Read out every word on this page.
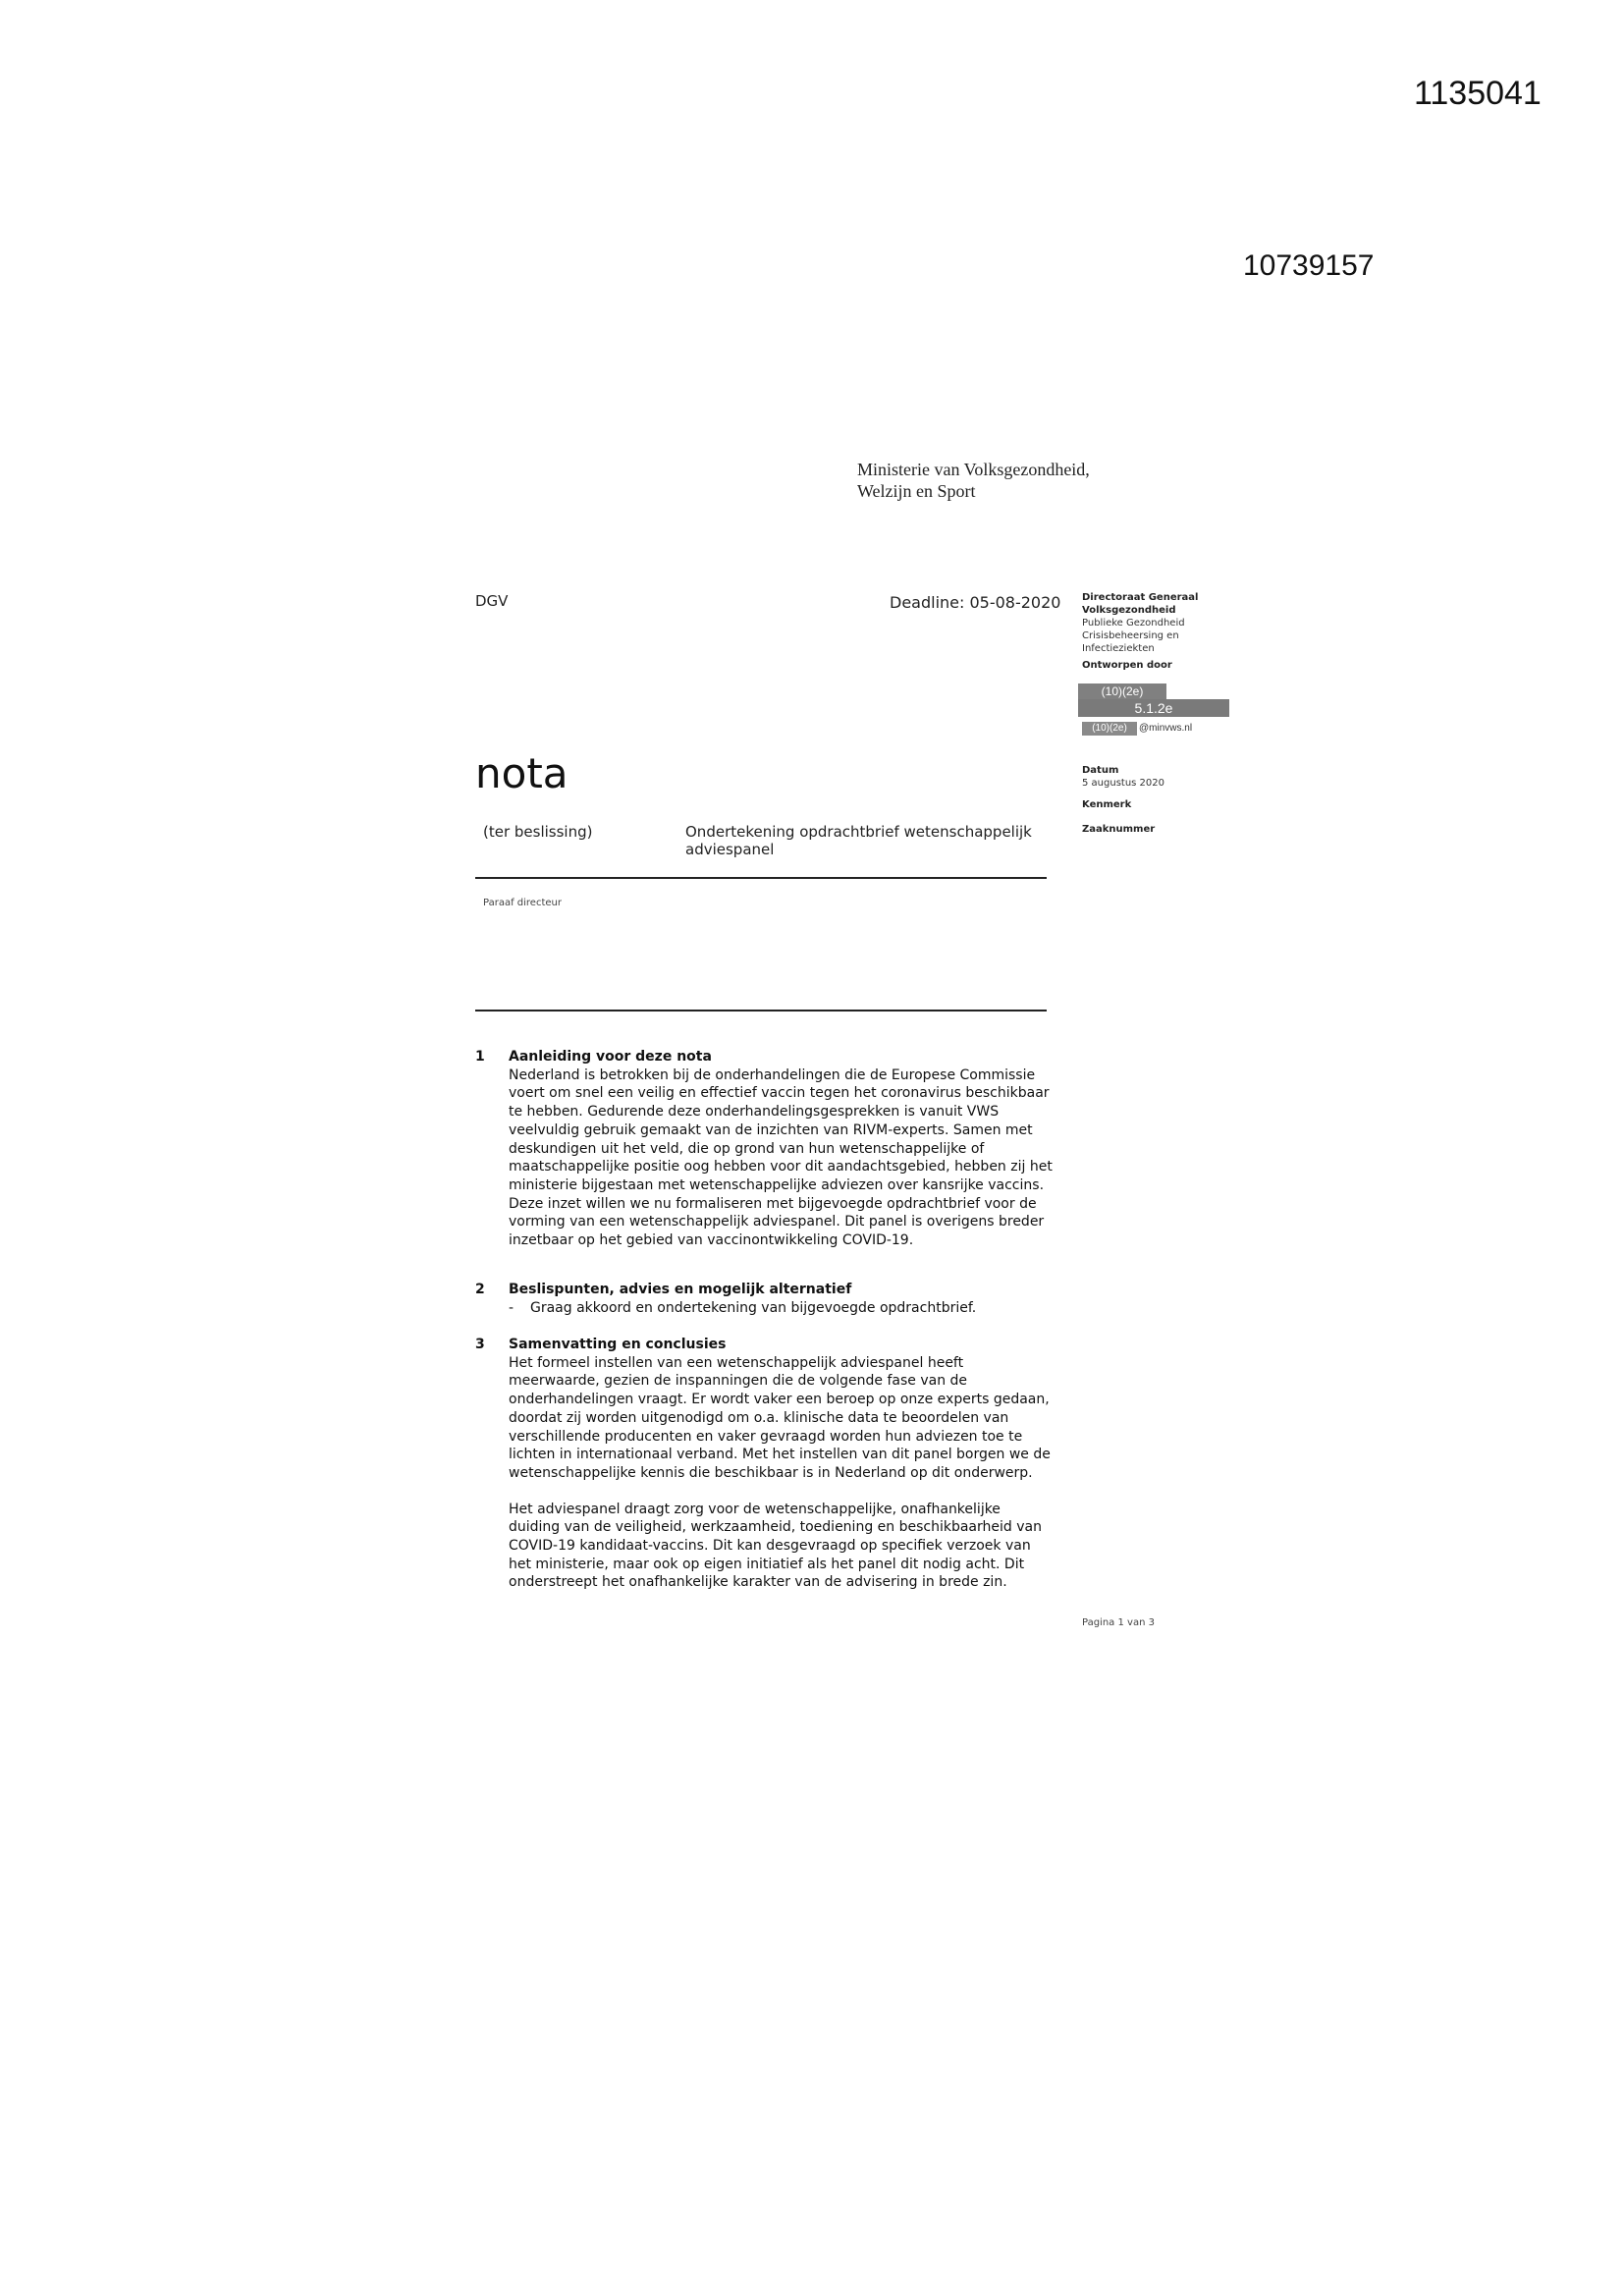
1135041
10739157
Ministerie van Volksgezondheid,
Welzijn en Sport
DGV	Deadline: 05-08-2020 Directoraat Generaal
Volksgezondheid
Publieke Gezondheid
Crisisbeheersing en
Infectieziekten
Ontworpen door
(10)(2e)
5.1.2e
(10)(2e)	@minvws.nl
nota	Datum
5 augustus 2020
Kenmerk
Zaaknummer
(ter beslissing)	Ondertekening opdrachtbrief wetenschappelijk
adviespanel
Paraaf directeur
1 Aanleiding voor deze nota
Nederland is betrokken bij de onderhandelingen die de Europese Commissie
voert om snel een veilig en effectief vaccin tegen het coronavirus beschikbaar
te hebben. Gedurende deze onderhandelingsgesprekken is vanuit VWS
veelvuldig gebruik gemaakt van de inzichten van RIVM-experts. Samen met
deskundigen uit het veld, die op grond van hun wetenschappelijke of
maatschappelijke positie oog hebben voor dit aandachtsgebied, hebben zij het
ministerie bijgestaan met wetenschappelijke adviezen over kansrijke vaccins.
Deze inzet willen we nu formaliseren met bijgevoegde opdrachtbrief voor de
vorming van een wetenschappelijk adviespanel. Dit panel is overigens breder
inzetbaar op het gebied van vaccinontwikkeling COVID-19.
2 Beslispunten, advies en mogelijk alternatief
- Graag akkoord en ondertekening van bijgevoegde opdrachtbrief.
3 Samenvatting en conclusies
Het formeel instellen van een wetenschappelijk adviespanel heeft
meerwaarde, gezien de inspanningen die de volgende fase van de
onderhandelingen vraagt. Er wordt vaker een beroep op onze experts gedaan,
doordat zij worden uitgenodigd om o.a. klinische data te beoordelen van
verschillende producenten en vaker gevraagd worden hun adviezen toe te
lichten in internationaal verband. Met het instellen van dit panel borgen we de
wetenschappelijke kennis die beschikbaar is in Nederland op dit onderwerp.
Het adviespanel draagt zorg voor de wetenschappelijke, onafhankelijke
duiding van de veiligheid, werkzaamheid, toediening en beschikbaarheid van
COVID-19 kandidaat-vaccins. Dit kan desgevraagd op specifiek verzoek van
het ministerie, maar ook op eigen initiatief als het panel dit nodig acht. Dit
onderstreept het onafhankelijke karakter van de advisering in brede zin.
Pagina 1 van 3
